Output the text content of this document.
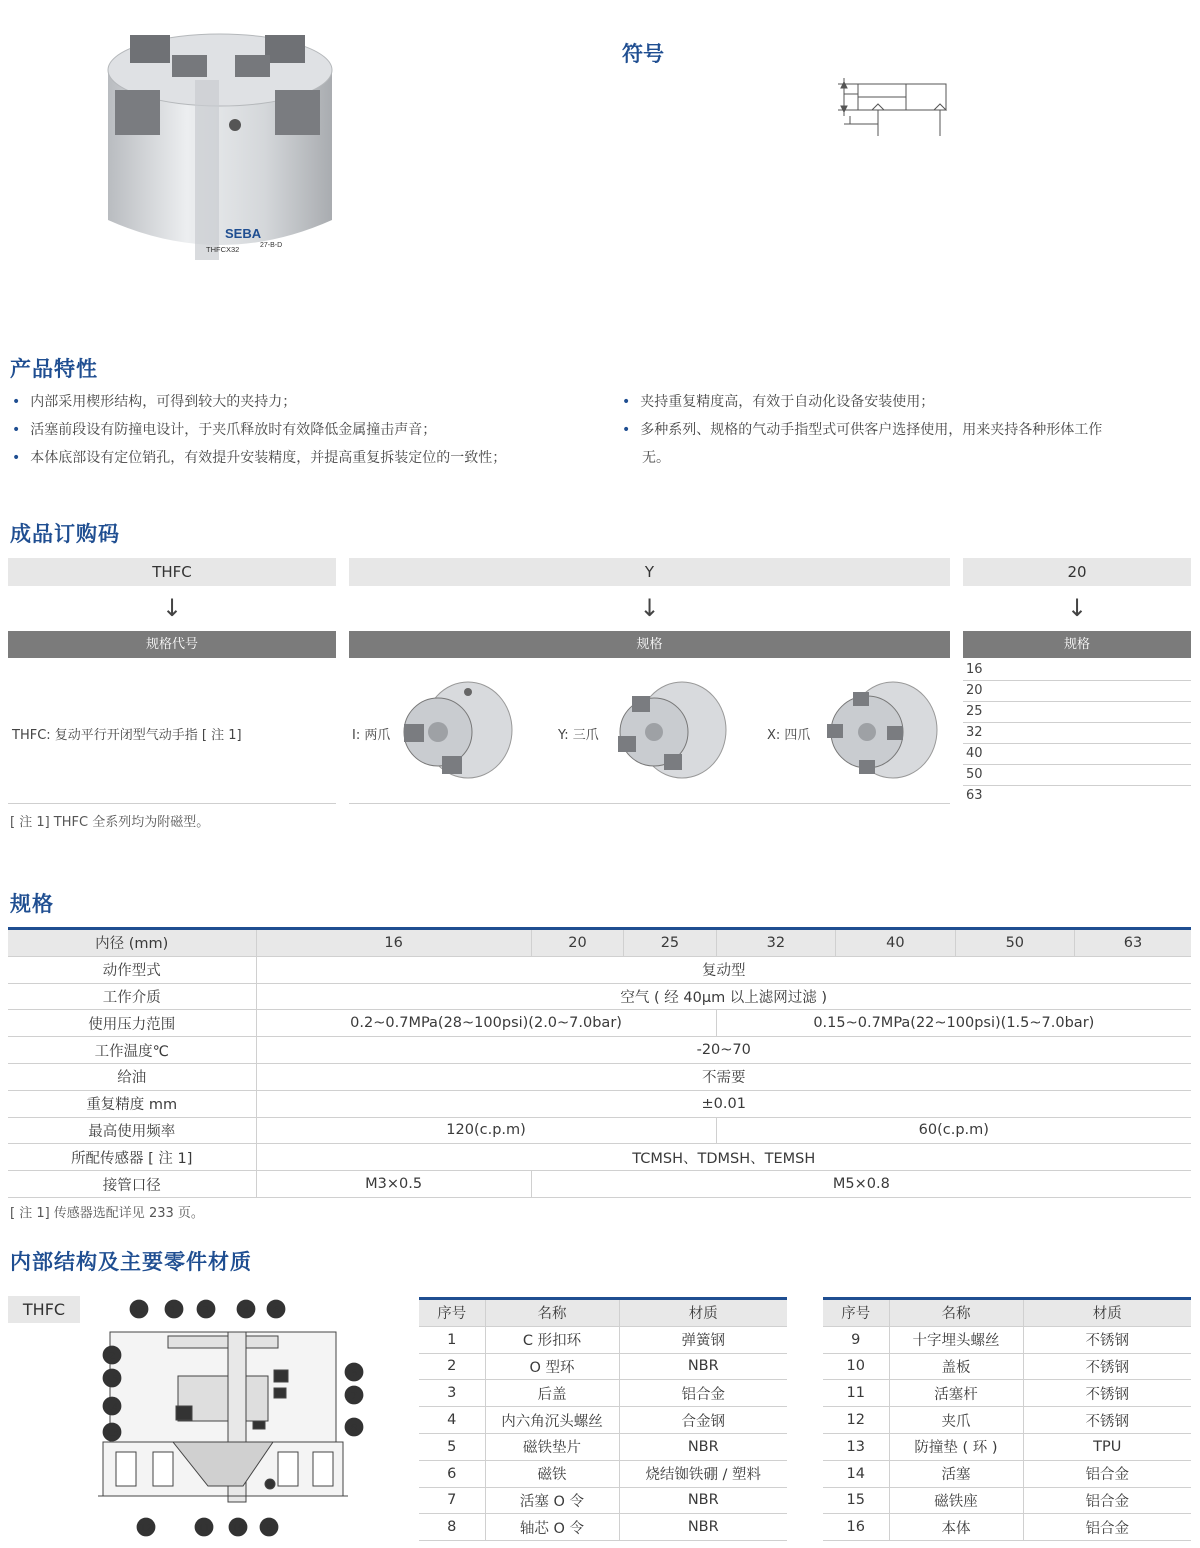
SEBA
THFCX32	27-B-D
符号
产品特性
• 内部采用楔形结构，可得到较大的夹持力；
• 活塞前段设有防撞电设计，于夹爪释放时有效降低金属撞击声音；
• 本体底部设有定位销孔，有效提升安装精度，并提高重复拆装定位的一致性；
• 夹持重复精度高，有效于自动化设备安装使用；
• 多种系列、规格的气动手指型式可供客户选择使用，用来夹持各种形体工作
无。
成品订购码
THFC	Y	20
↓	↓	↓
规格代号	规格	规格
THFC: 复动平行开闭型气动手指 [ 注 1]	I: 两爪	Y: 三爪	X: 四爪
16
20
25
32
40
50
63
[ 注 1] THFC 全系列均为附磁型。
规格
内径 (mm)	16	20	25	32	40	50	63
动作型式	复动型						
工作介质	空气 ( 经 40μm 以上滤网过滤 )						
使用压力范围	0.2~0.7MPa(28~100psi)(2.0~7.0bar)			0.15~0.7MPa(22~100psi)(1.5~7.0bar)			
工作温度℃	-20~70						
给油	不需要						
重复精度 mm	±0.01						
最高使用频率	120(c.p.m)			60(c.p.m)			
所配传感器 [ 注 1]	TCMSH、TDMSH、TEMSH						
接管口径	M3×0.5	M5×0.8					
[ 注 1] 传感器选配详见 233 页。
内部结构及主要零件材质
THFC	16	1	3	4 6
2
15
14
13
5
7
8
12	11 10 9
序号	名称	材质
1	C 形扣环	弹簧钢
2	O 型环	NBR
3	后盖	铝合金
4	内六角沉头螺丝	合金钢
5	磁铁垫片	NBR
6	磁铁	烧结铷铁硼 / 塑料
7	活塞 O 令	NBR
8	轴芯 O 令	NBR
序号	名称	材质
9	十字埋头螺丝	不锈钢
10	盖板	不锈钢
11	活塞杆	不锈钢
12	夹爪	不锈钢
13	防撞垫 ( 环 )	TPU
14	活塞	铝合金
15	磁铁座	铝合金
16	本体	铝合金
